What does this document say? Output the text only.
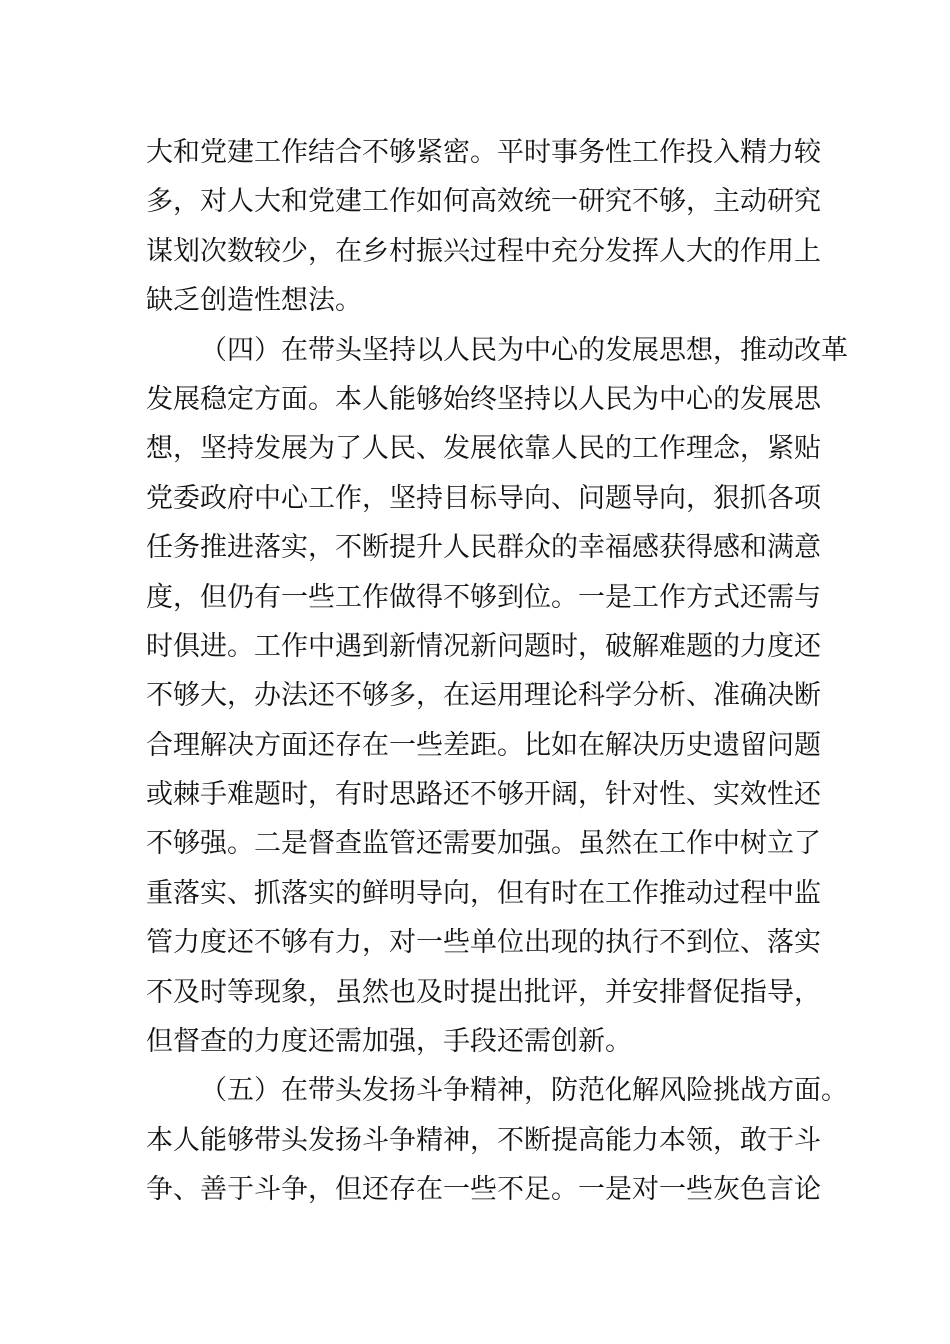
大和党建工作结合不够紧密。平时事务性工作投入精力较
多，对人大和党建工作如何高效统一研究不够，主动研究
谋划次数较少，在乡村振兴过程中充分发挥人大的作用上
缺乏创造性想法。
（四）在带头坚持以人民为中心的发展思想，推动改革
发展稳定方面。本人能够始终坚持以人民为中心的发展思
想，坚持发展为了人民、发展依靠人民的工作理念，紧贴
党委政府中心工作，坚持目标导向、问题导向，狠抓各项
任务推进落实，不断提升人民群众的幸福感获得感和满意
度，但仍有一些工作做得不够到位。一是工作方式还需与
时俱进。工作中遇到新情况新问题时，破解难题的力度还
不够大，办法还不够多，在运用理论科学分析、准确决断
合理解决方面还存在一些差距。比如在解决历史遗留问题
或棘手难题时，有时思路还不够开阔，针对性、实效性还
不够强。二是督查监管还需要加强。虽然在工作中树立了
重落实、抓落实的鲜明导向，但有时在工作推动过程中监
管力度还不够有力，对一些单位出现的执行不到位、落实
不及时等现象，虽然也及时提出批评，并安排督促指导，
但督查的力度还需加强，手段还需创新。
（五）在带头发扬斗争精神，防范化解风险挑战方面。
本人能够带头发扬斗争精神，不断提高能力本领，敢于斗
争、善于斗争，但还存在一些不足。一是对一些灰色言论
